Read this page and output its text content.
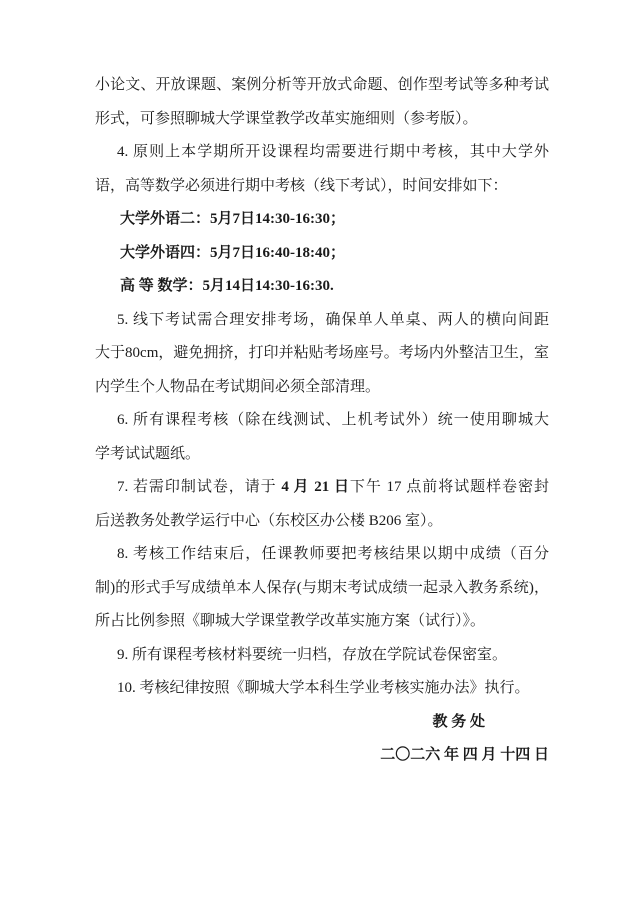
小论文、开放课题、案例分析等开放式命题、创作型考试等多种考试
形式，可参照聊城大学课堂教学改革实施细则（参考版）。
4. 原则上本学期所开设课程均需要进行期中考核，其中大学外
语，高等数学必须进行期中考核（线下考试），时间安排如下：
大学外语二：5月7日14:30-16:30；
大学外语四：5月7日16:40-18:40；
高 等 数学：5月14日14:30-16:30.
5. 线下考试需合理安排考场，确保单人单桌、两人的横向间距
大于80cm，避免拥挤，打印并粘贴考场座号。考场内外整洁卫生，室
内学生个人物品在考试期间必须全部清理。
6. 所有课程考核（除在线测试、上机考试外）统一使用聊城大
学考试试题纸。
7. 若需印制试卷，请于 4 月 21 日下午 17 点前将试题样卷密封
后送教务处教学运行中心（东校区办公楼 B206 室）。
8. 考核工作结束后，任课教师要把考核结果以期中成绩（百分
制)的形式手写成绩单本人保存(与期末考试成绩一起录入教务系统)，
所占比例参照《聊城大学课堂教学改革实施方案（试行）》。
9. 所有课程考核材料要统一归档，存放在学院试卷保密室。
10. 考核纪律按照《聊城大学本科生学业考核实施办法》执行。
教 务 处
二〇二六 年 四 月 十四 日
